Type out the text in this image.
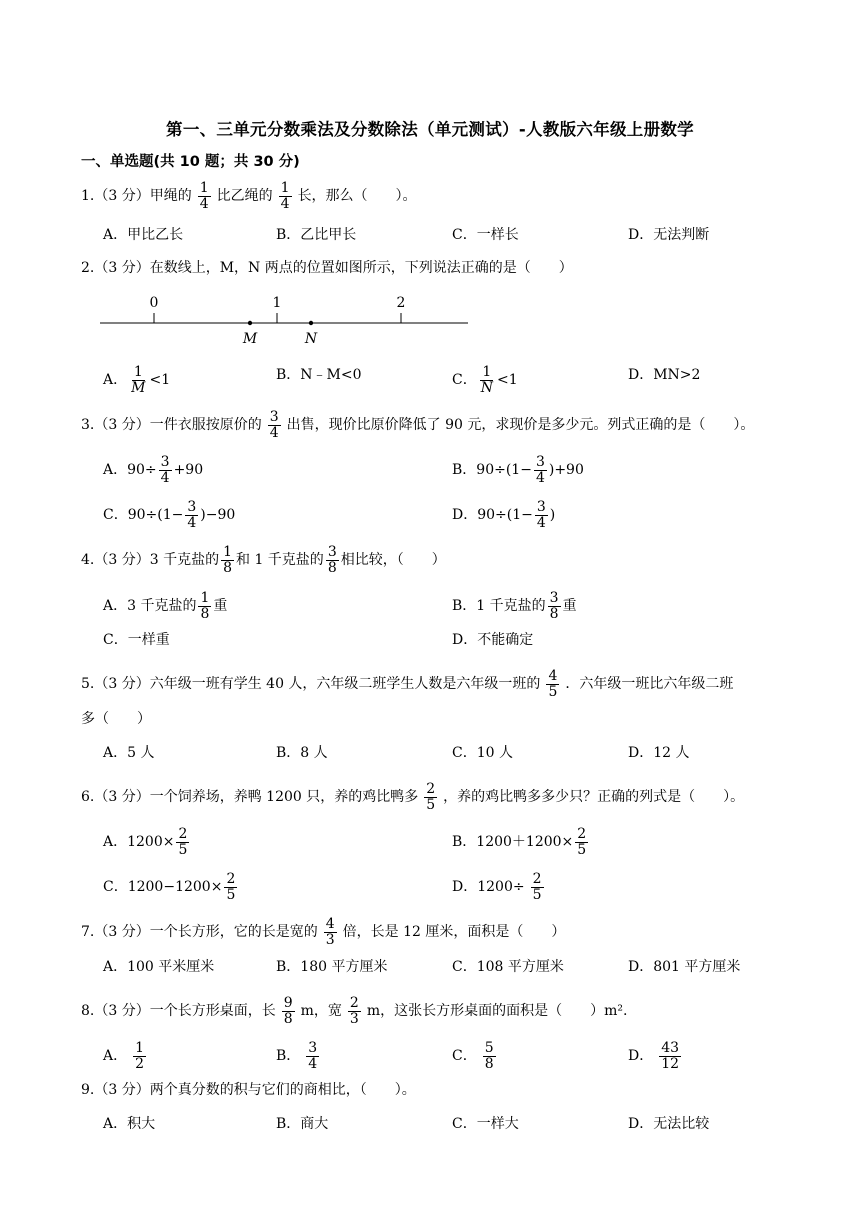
第一、三单元分数乘法及分数除法（单元测试）-人教版六年级上册数学
一、单选题(共 10 题；共 30 分)
1.（3 分）甲绳的 $\frac{1}{4}$ 比乙绳的 $\frac{1}{4}$ 长，那么（　　）。
A．甲比乙长	B．乙比甲长	C．一样长	D．无法判断
2.（3 分）在数线上，M，N 两点的位置如图所示，下列说法正确的是（　　）
0	1	2
M	N
A． $\frac{1}{M} <1$	B．N﹣M<0	C． $\frac{1}{N} <1$	D．MN>2
3.（3 分）一件衣服按原价的 $\frac{3}{4}$ 出售，现价比原价降低了 90 元，求现价是多少元。列式正确的是（　　）。
A．$90\div \frac{3}{4} +90$	B．$90\div(1- \frac{3}{4} )+90$
C．$90\div(1- \frac{3}{4} )-90$	D．$90\div(1- \frac{3}{4}$ )
4.（3 分）3 千克盐的 $\frac{1}{8}$ 和 1 千克盐的 $\frac{3}{8}$ 相比较，（　　）
A．3 千克盐的 $\frac{1}{8}$ 重	B．1 千克盐的 $\frac{3}{8}$ 重
C．一样重	D．不能确定
5.（3 分）六年级一班有学生 40 人，六年级二班学生人数是六年级一班的 $\frac{4}{5}$ ．六年级一班比六年级二班
多（　　）
A．5 人	B．8 人	C．10 人	D．12 人
6.（3 分）一个饲养场，养鸭 1200 只，养的鸡比鸭多 $\frac{2}{5}$ ，养的鸡比鸭多多少只？正确的列式是（　　）。
A．$1200\times \frac{2}{5}$	B．$1200+1200\times \frac{2}{5}$
C．$1200-1200\times \frac{2}{5}$	D．$1200\div \frac{2}{5}$
7.（3 分）一个长方形，它的长是宽的 $\frac{4}{3}$ 倍，长是 12 厘米，面积是（　　）
A．100 平米厘米	B．180 平方厘米	C．108 平方厘米	D．801 平方厘米
8.（3 分）一个长方形桌面，长 $\frac{9}{8}$ m，宽 $\frac{2}{3}$ m，这张长方形桌面的面积是（　　）m².
A． $\frac{1}{2}$	B． $\frac{3}{4}$	C． $\frac{5}{8}$	D． $\frac{43}{12}$
9.（3 分）两个真分数的积与它们的商相比，（　　）。
A．积大	B．商大	C．一样大	D．无法比较
